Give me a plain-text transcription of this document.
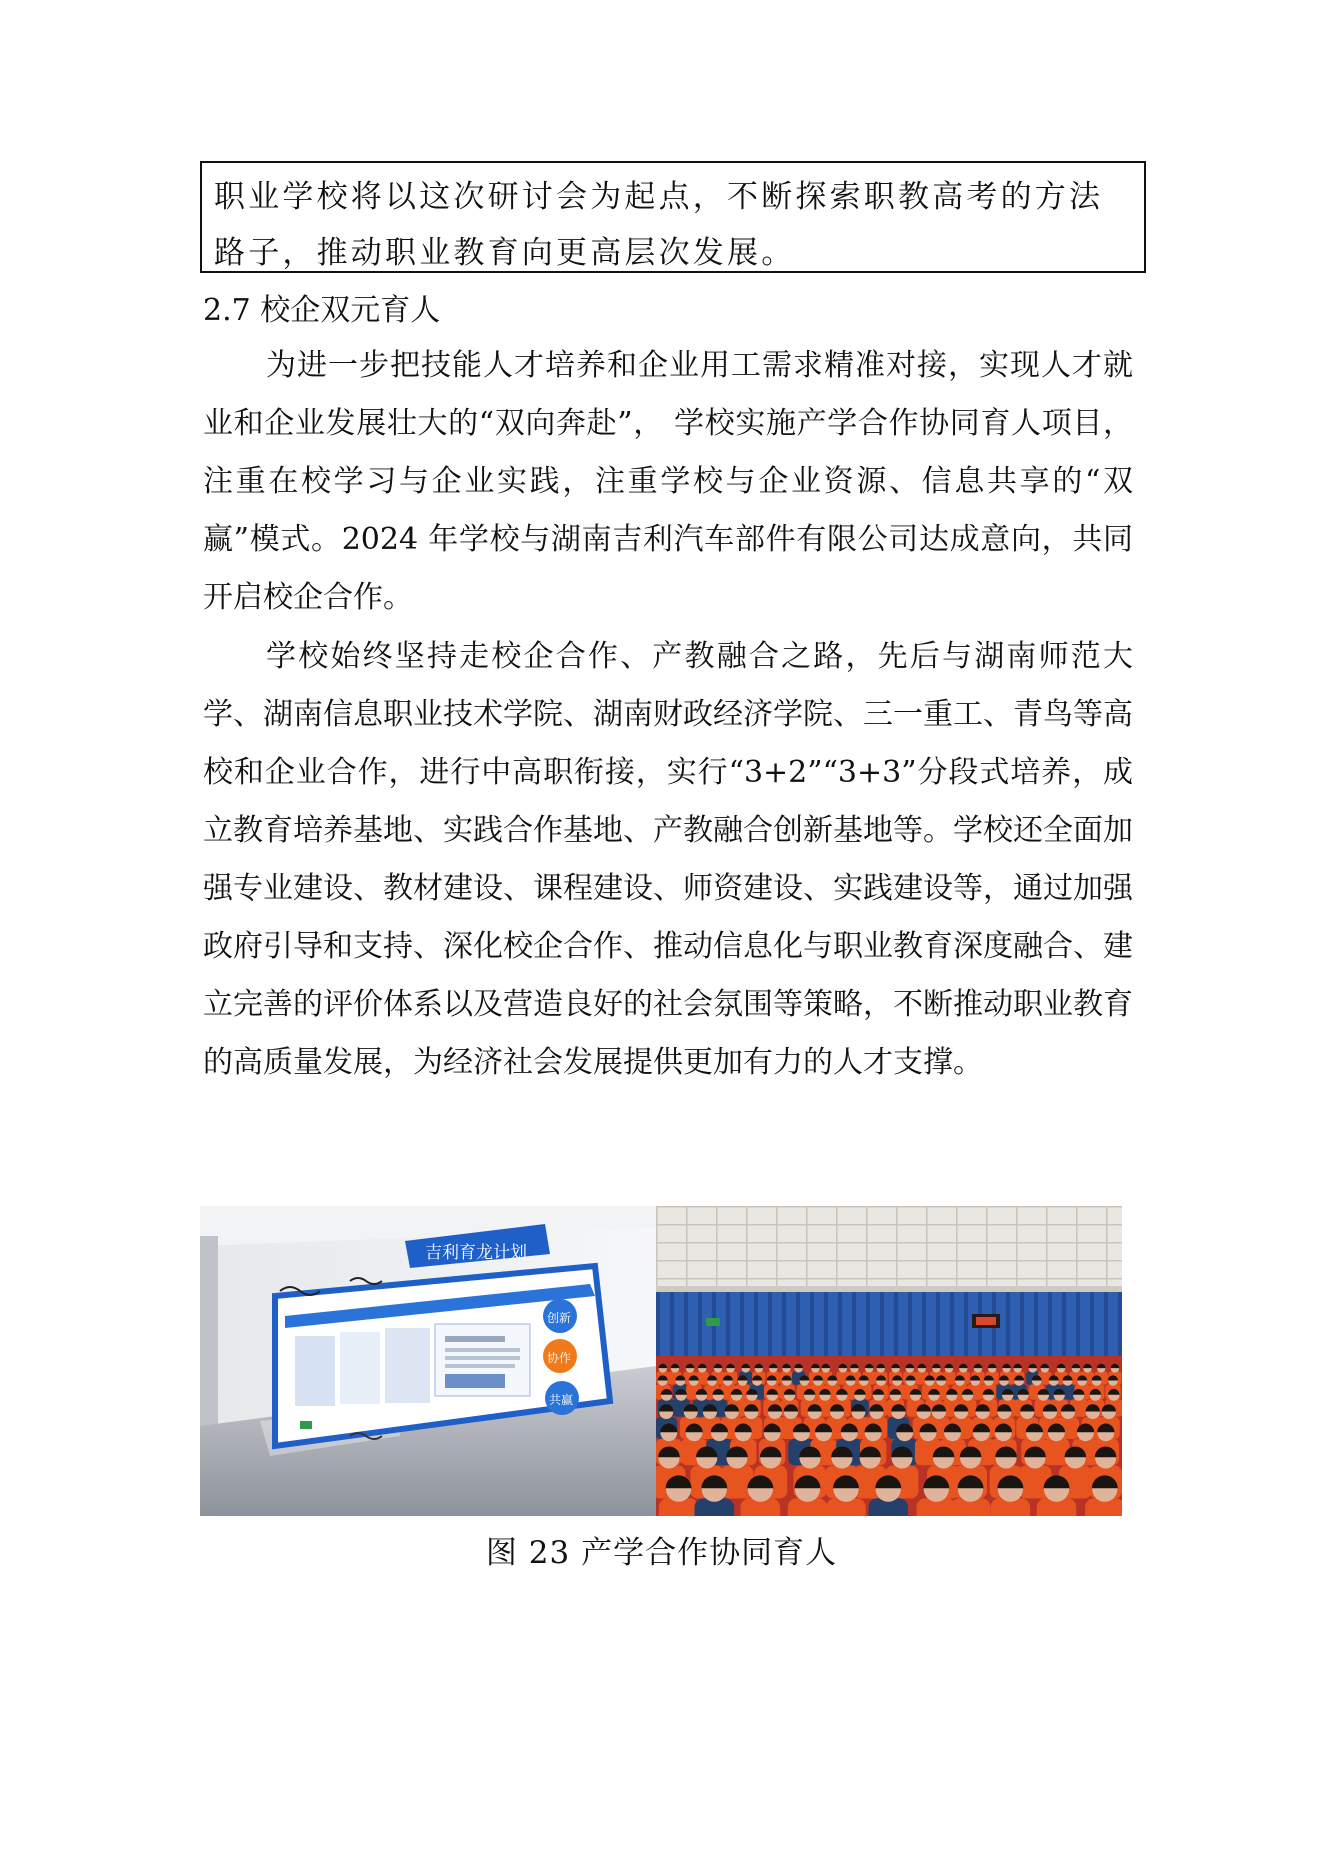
职业学校将以这次研讨会为起点，不断探索职教高考的方法路子，推动职业教育向更高层次发展。
2.7 校企双元育人
为进一步把技能人才培养和企业用工需求精准对接，实现人才就业和企业发展壮大的“双向奔赴”， 学校实施产学合作协同育人项目，注重在校学习与企业实践，注重学校与企业资源、信息共享的“双赢”模式。2024 年学校与湖南吉利汽车部件有限公司达成意向，共同开启校企合作。
学校始终坚持走校企合作、产教融合之路，先后与湖南师范大学、湖南信息职业技术学院、湖南财政经济学院、三一重工、青鸟等高校和企业合作，进行中高职衔接，实行“3+2”“3+3”分段式培养，成立教育培养基地、实践合作基地、产教融合创新基地等。学校还全面加强专业建设、教材建设、课程建设、师资建设、实践建设等，通过加强政府引导和支持、深化校企合作、推动信息化与职业教育深度融合、建立完善的评价体系以及营造良好的社会氛围等策略，不断推动职业教育的高质量发展，为经济社会发展提供更加有力的人才支撑。
吉利育龙计划
创新
协作
共赢
图 23 产学合作协同育人
